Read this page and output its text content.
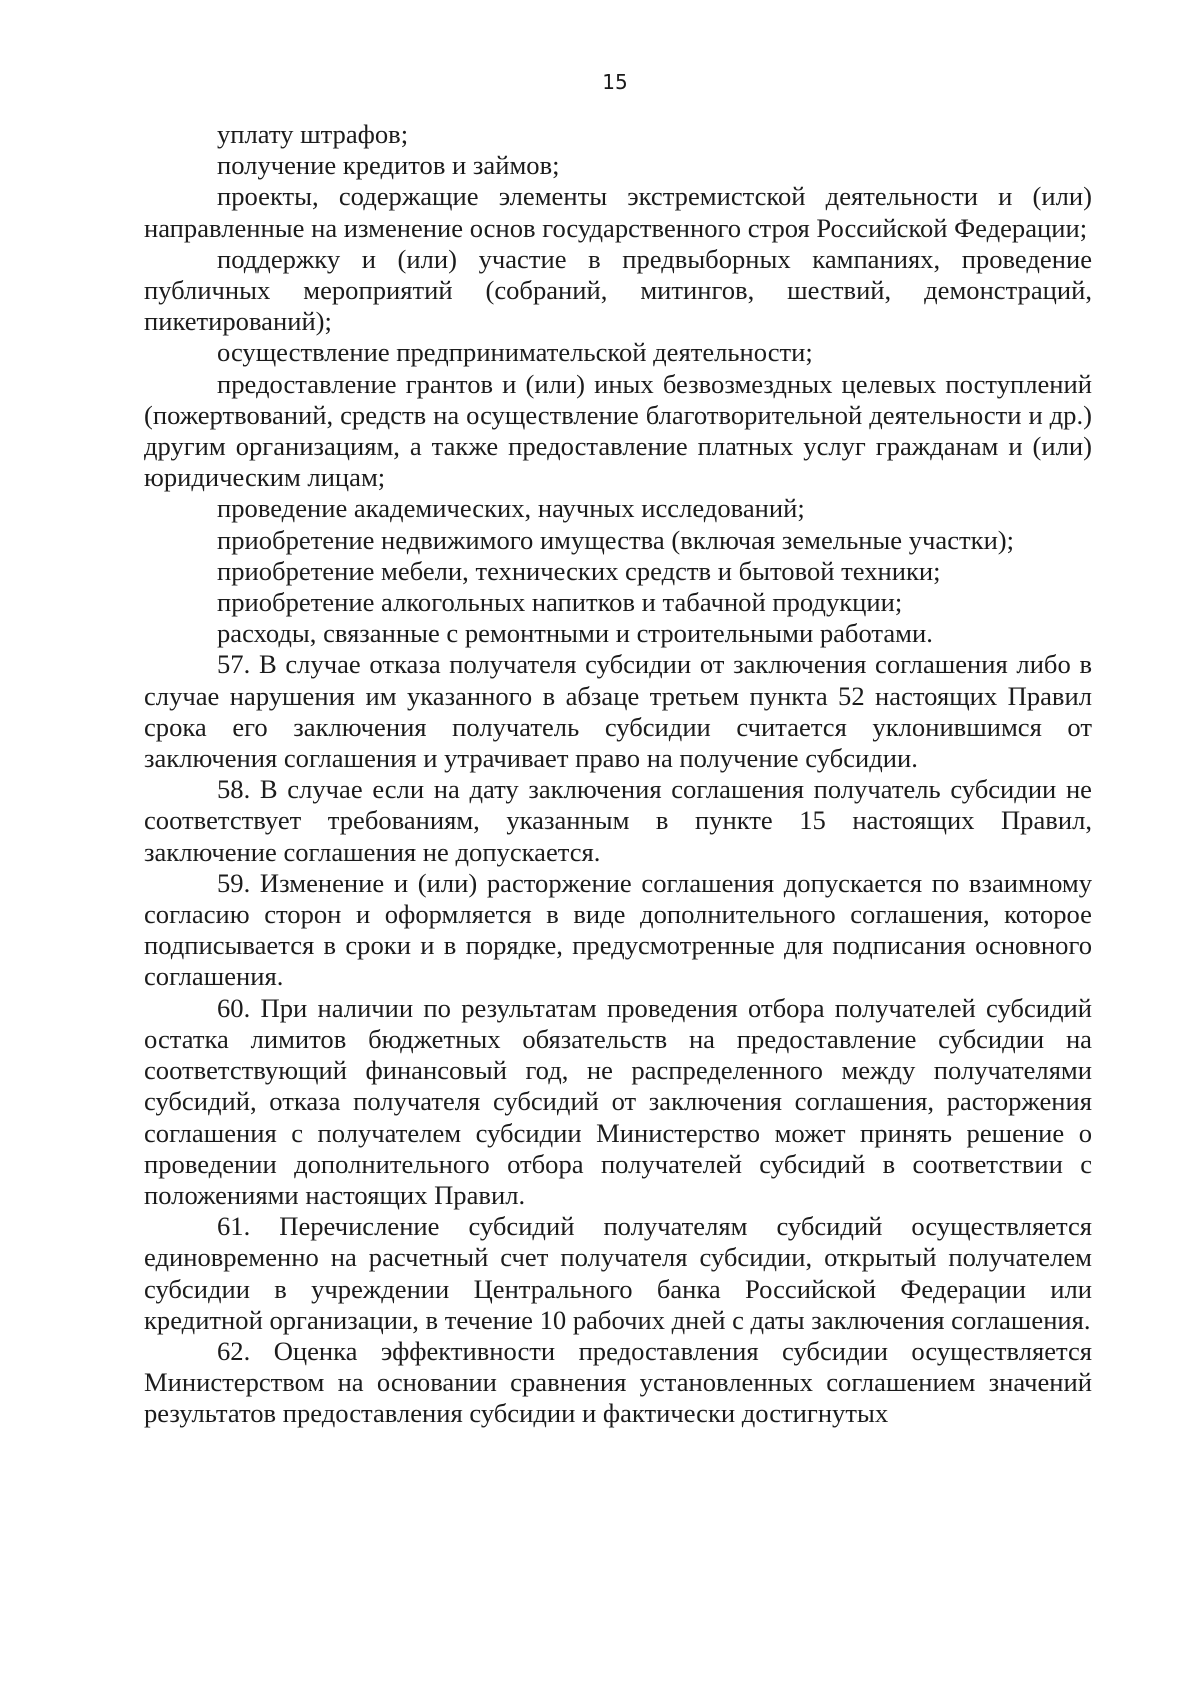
15

уплату штрафов;

получение кредитов и займов;

проекты, содержащие элементы экстремистской деятельности и (или) направленные на изменение основ государственного строя Российской Федерации;

поддержку и (или) участие в предвыборных кампаниях, проведение публичных мероприятий (собраний, митингов, шествий, демонстраций, пикетирований);

осуществление предпринимательской деятельности;

предоставление грантов и (или) иных безвозмездных целевых поступлений (пожертвований, средств на осуществление благотворительной деятельности и др.) другим организациям, а также предоставление платных услуг гражданам и (или) юридическим лицам;

проведение академических, научных исследований;

приобретение недвижимого имущества (включая земельные участки);

приобретение мебели, технических средств и бытовой техники;

приобретение алкогольных напитков и табачной продукции;

расходы, связанные с ремонтными и строительными работами.

57. В случае отказа получателя субсидии от заключения соглашения либо в случае нарушения им указанного в абзаце третьем пункта 52 настоящих Правил срока его заключения получатель субсидии считается уклонившимся от заключения соглашения и утрачивает право на получение субсидии.

58. В случае если на дату заключения соглашения получатель субсидии не соответствует требованиям, указанным в пункте 15 настоящих Правил, заключение соглашения не допускается.

59. Изменение и (или) расторжение соглашения допускается по взаимному согласию сторон и оформляется в виде дополнительного соглашения, которое подписывается в сроки и в порядке, предусмотренные для подписания основного соглашения.

60. При наличии по результатам проведения отбора получателей субсидий остатка лимитов бюджетных обязательств на предоставление субсидии на соответствующий финансовый год, не распределенного между получателями субсидий, отказа получателя субсидий от заключения соглашения, расторжения соглашения с получателем субсидии Министерство может принять решение о проведении дополнительного отбора получателей субсидий в соответствии с положениями настоящих Правил.

61. Перечисление субсидий получателям субсидий осуществляется единовременно на расчетный счет получателя субсидии, открытый получателем субсидии в учреждении Центрального банка Российской Федерации или кредитной организации, в течение 10 рабочих дней с даты заключения соглашения.

62. Оценка эффективности предоставления субсидии осуществляется Министерством на основании сравнения установленных соглашением значений результатов предоставления субсидии и фактически достигнутых
